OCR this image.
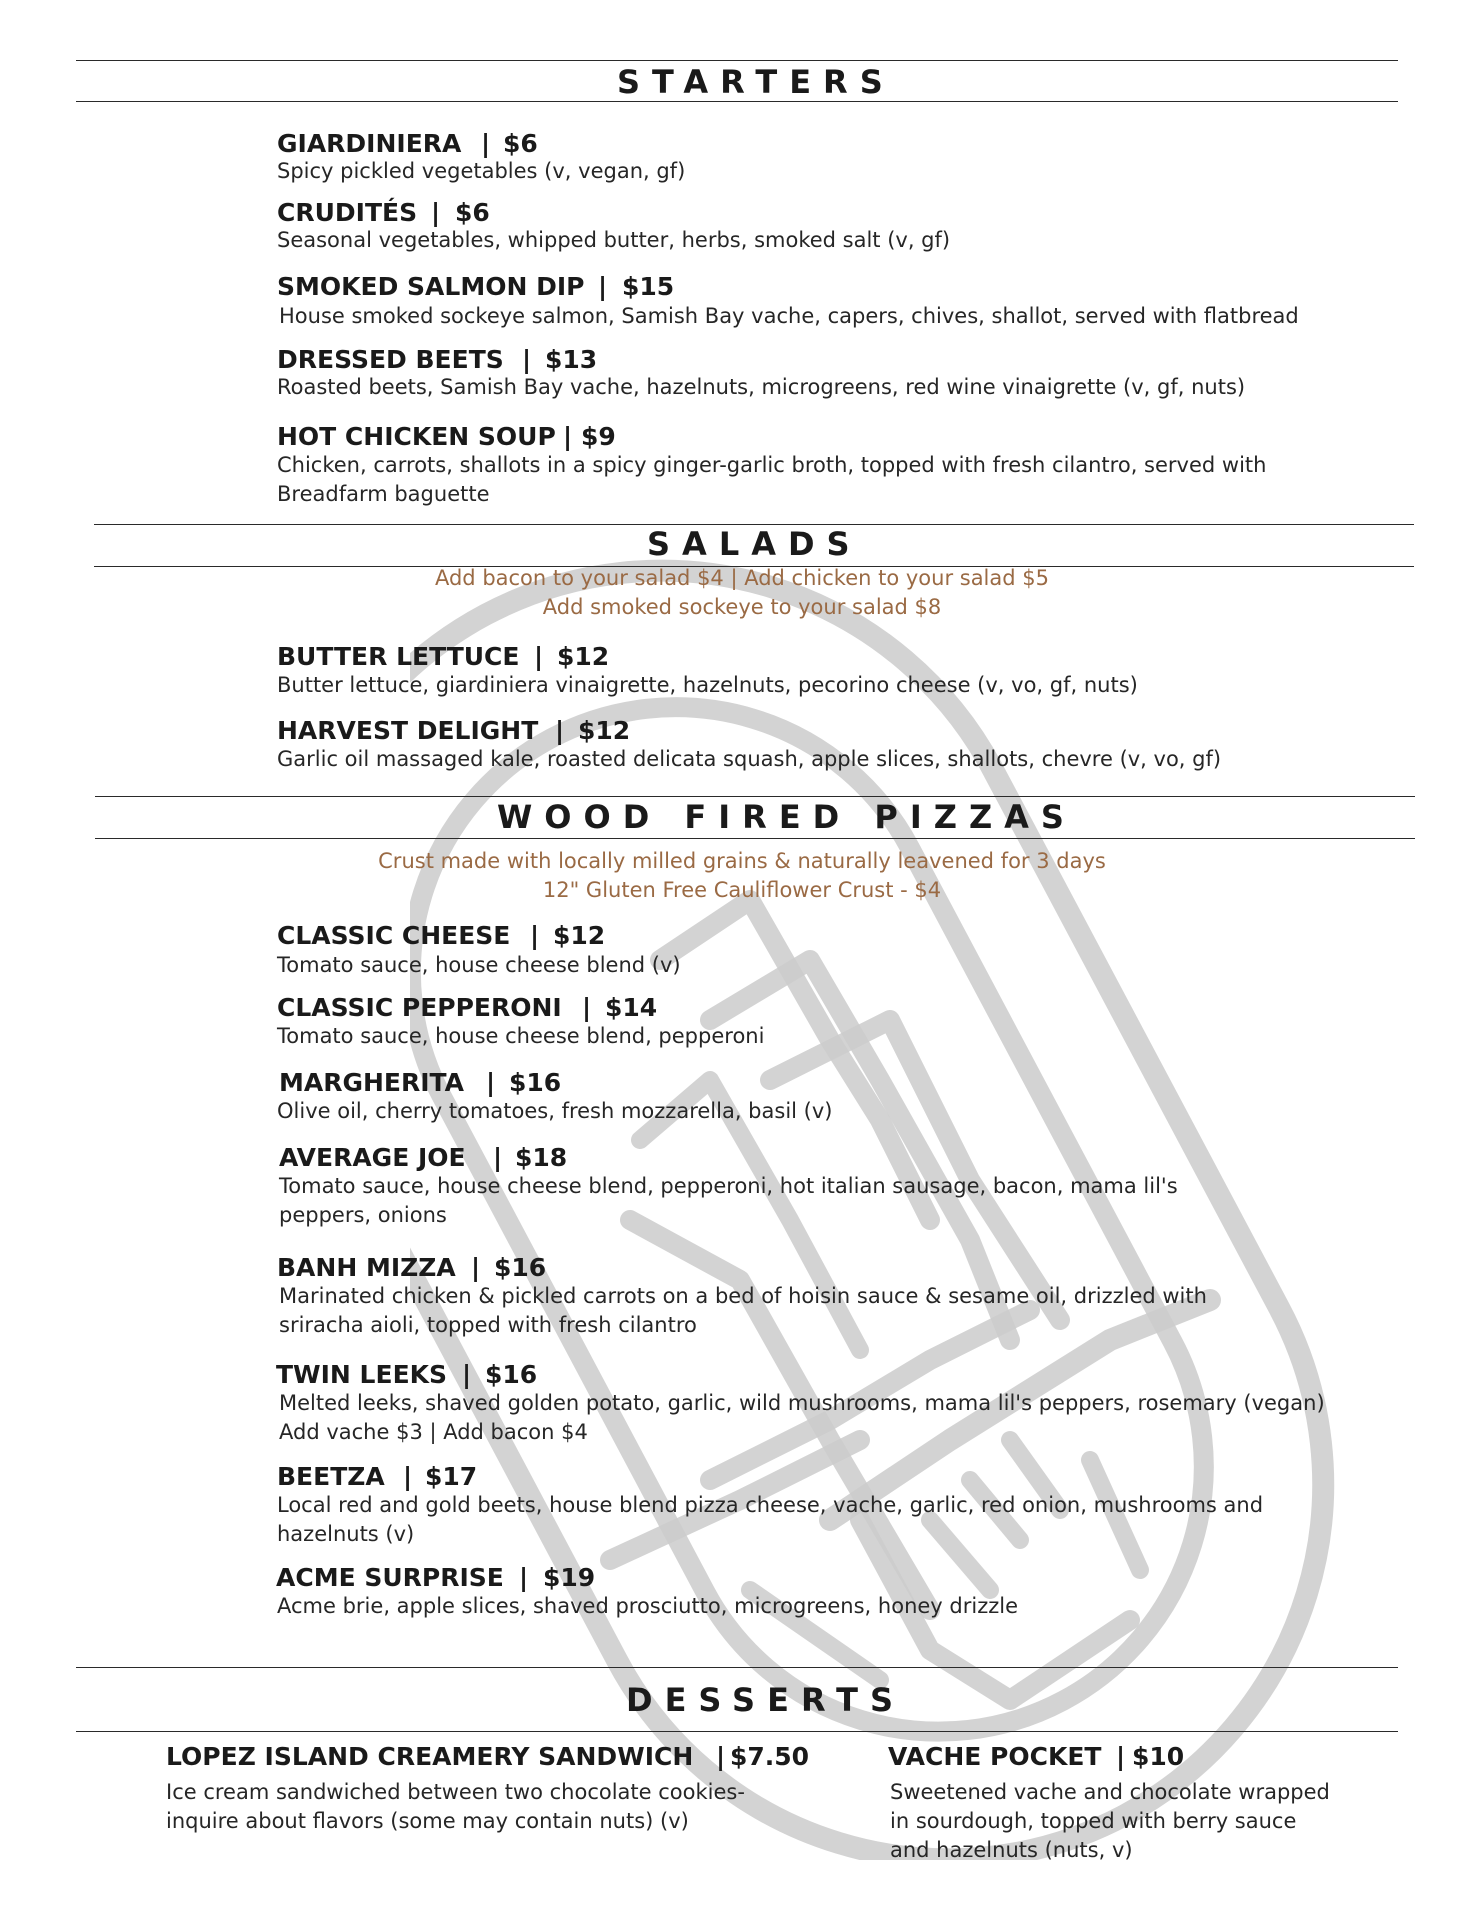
STARTERS
GIARDINIERA | $6

Spicy pickled vegetables (v, vegan, gf)

CRUDITÉS | $6

Seasonal vegetables, whipped butter, herbs, smoked salt (v, gf)

SMOKED SALMON DIP | $15

House smoked sockeye salmon, Samish Bay vache, capers, chives, shallot, served with flatbread

DRESSED BEETS | $13

Roasted beets, Samish Bay vache, hazelnuts, microgreens, red wine vinaigrette (v, gf, nuts)

HOT CHICKEN SOUP | $9

Chicken, carrots, shallots in a spicy ginger-garlic broth, topped with fresh cilantro, served with

Breadfarm baguette

SALADS
Add bacon to your salad $4 | Add chicken to your salad $5
Add smoked sockeye to your salad $8
BUTTER LETTUCE | $12

Butter lettuce, giardiniera vinaigrette, hazelnuts, pecorino cheese (v, vo, gf, nuts)

HARVEST DELIGHT | $12

Garlic oil massaged kale, roasted delicata squash, apple slices, shallots, chevre (v, vo, gf)

WOOD FIRED PIZZAS
Crust made with locally milled grains & naturally leavened for 3 days
12" Gluten Free Cauliflower Crust - $4
CLASSIC CHEESE | $12

Tomato sauce, house cheese blend (v)

CLASSIC PEPPERONI | $14

Tomato sauce, house cheese blend, pepperoni

MARGHERITA | $16

Olive oil, cherry tomatoes, fresh mozzarella, basil (v)

AVERAGE JOE | $18

Tomato sauce, house cheese blend, pepperoni, hot italian sausage, bacon, mama lil's

peppers, onions

BANH MIZZA | $16

Marinated chicken & pickled carrots on a bed of hoisin sauce & sesame oil, drizzled with

sriracha aioli, topped with fresh cilantro

TWIN LEEKS | $16

Melted leeks, shaved golden potato, garlic, wild mushrooms, mama lil's peppers, rosemary (vegan)

Add vache $3 | Add bacon $4

BEETZA | $17

Local red and gold beets, house blend pizza cheese, vache, garlic, red onion, mushrooms and

hazelnuts (v)

ACME SURPRISE | $19

Acme brie, apple slices, shaved prosciutto, microgreens, honey drizzle

DESSERTS
LOPEZ ISLAND CREAMERY SANDWICH | $7.50

Ice cream sandwiched between two chocolate cookies-

inquire about flavors (some may contain nuts) (v)

VACHE POCKET | $10

Sweetened vache and chocolate wrapped

in sourdough, topped with berry sauce

and hazelnuts (nuts, v)
